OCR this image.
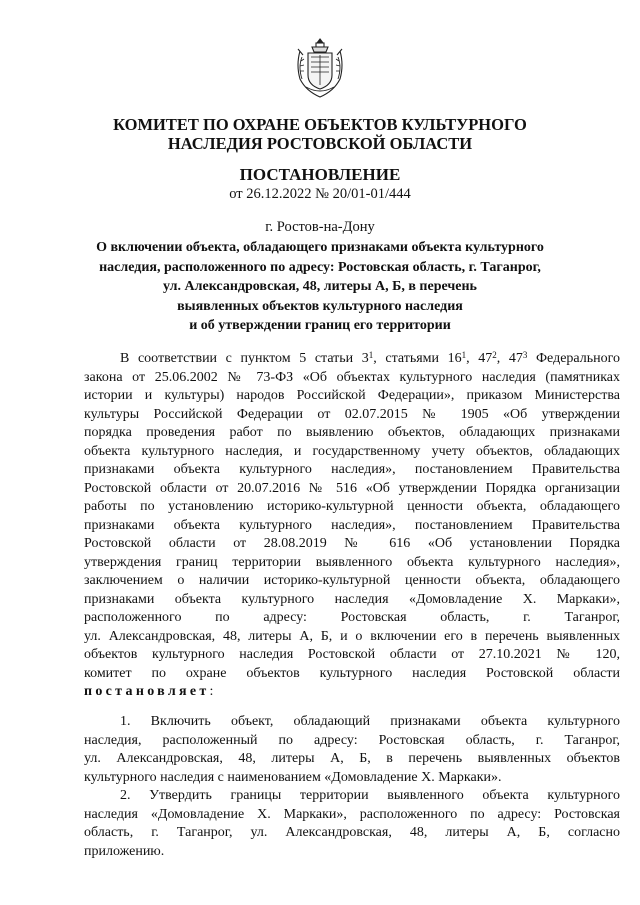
КОМИТЕТ ПО ОХРАНЕ ОБЪЕКТОВ КУЛЬТУРНОГО
НАСЛЕДИЯ РОСТОВСКОЙ ОБЛАСТИ
ПОСТАНОВЛЕНИЕ
от 26.12.2022 № 20/01-01/444
г. Ростов-на-Дону
О включении объекта, обладающего признаками объекта культурного
наследия, расположенного по адресу: Ростовская область, г. Таганрог,
ул. Александровская, 48, литеры А, Б, в перечень
выявленных объектов культурного наследия
и об утверждении границ его территории
В соответствии с пунктом 5 статьи $3^1$, статьями $16^1$, $47^2$, $47^3$ Федерального
закона от 25.06.2002 № 73-ФЗ «Об объектах культурного наследия (памятниках
истории и культуры) народов Российской Федерации», приказом Министерства
культуры Российской Федерации от 02.07.2015 № 1905 «Об утверждении
порядка проведения работ по выявлению объектов, обладающих признаками
объекта культурного наследия, и государственному учету объектов, обладающих
признаками объекта культурного наследия», постановлением Правительства
Ростовской области от 20.07.2016 № 516 «Об утверждении Порядка организации
работы по установлению историко-культурной ценности объекта, обладающего
признаками объекта культурного наследия», постановлением Правительства
Ростовской области от 28.08.2019 № 616 «Об установлении Порядка
утверждения границ территории выявленного объекта культурного наследия»,
заключением о наличии историко-культурной ценности объекта, обладающего
признаками объекта культурного наследия «Домовладение Х. Маркаки»,
расположенного по адресу: Ростовская область, г. Таганрог,
ул. Александровская, 48, литеры А, Б, и о включении его в перечень выявленных
объектов культурного наследия Ростовской области от 27.10.2021 № 120,
комитет по охране объектов культурного наследия Ростовской области
постановляет:
1. Включить объект, обладающий признаками объекта культурного
наследия, расположенный по адресу: Ростовская область, г. Таганрог,
ул. Александровская, 48, литеры А, Б, в перечень выявленных объектов
культурного наследия с наименованием «Домовладение Х. Маркаки».
2. Утвердить границы территории выявленного объекта культурного
наследия «Домовладение Х. Маркаки», расположенного по адресу: Ростовская
область, г. Таганрог, ул. Александровская, 48, литеры А, Б, согласно
приложению.
